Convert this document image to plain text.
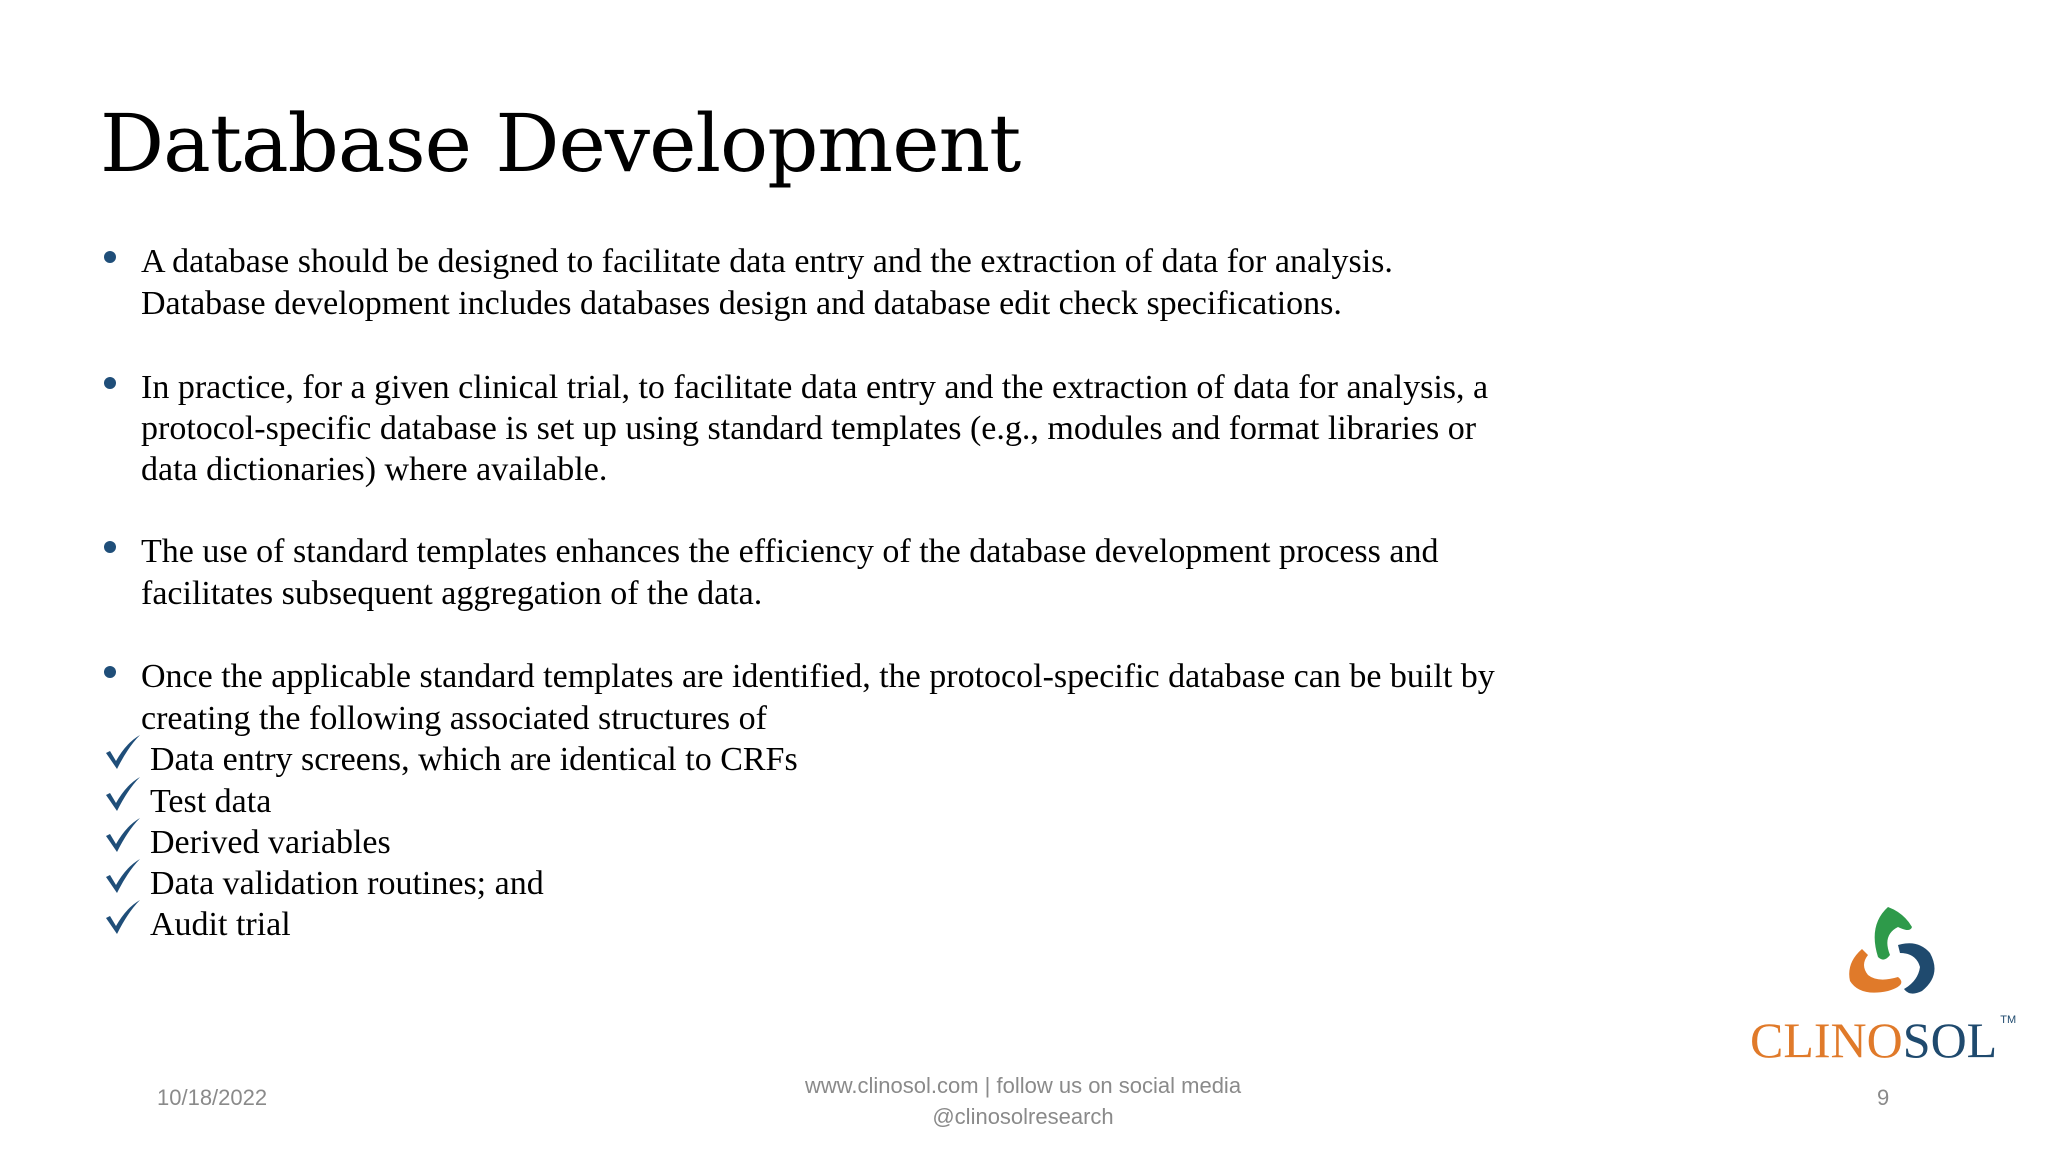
Database Development
A database should be designed to facilitate data entry and the extraction of data for analysis.
Database development includes databases design and database edit check specifications.
In practice, for a given clinical trial, to facilitate data entry and the extraction of data for analysis, a
protocol-specific database is set up using standard templates (e.g., modules and format libraries or
data dictionaries) where available.
The use of standard templates enhances the efficiency of the database development process and
facilitates subsequent aggregation of the data.
Once the applicable standard templates are identified, the protocol-specific database can be built by
creating the following associated structures of
Data entry screens, which are identical to CRFs
Test data
Derived variables
Data validation routines; and
Audit trial
CLINOSOL ™
10/18/2022	www.clinosol.com | follow us on social media
@clinosolresearch
9
